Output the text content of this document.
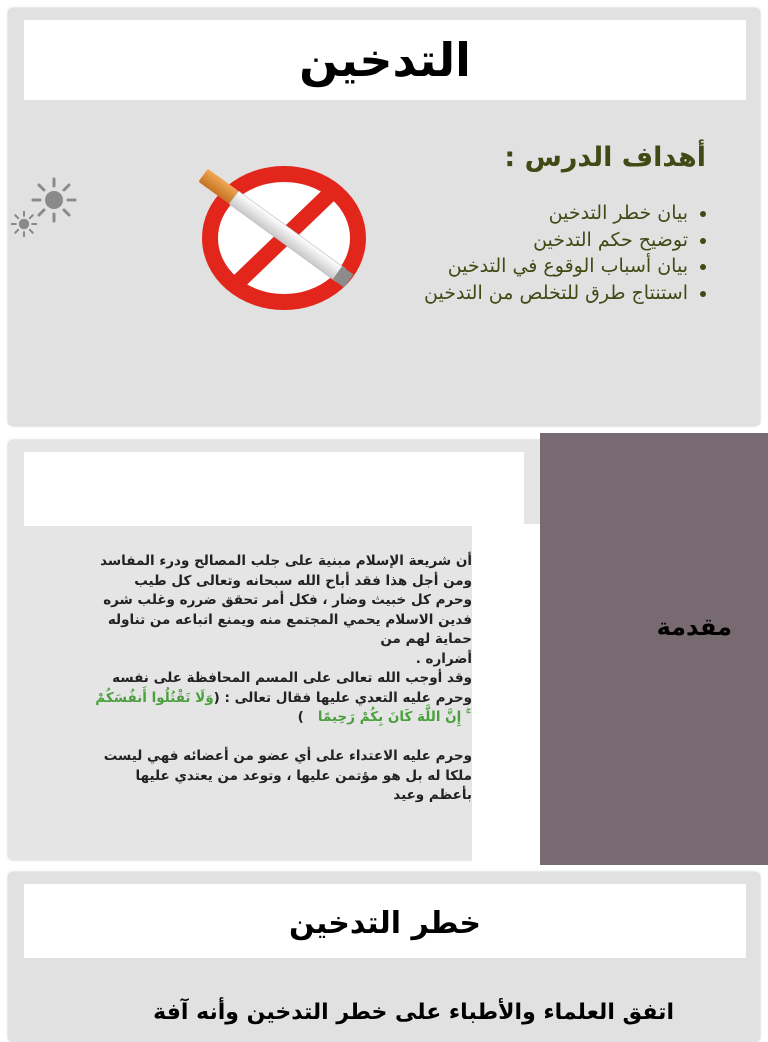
التدخين
أهداف الدرس :
• بيان خطر التدخين
• توضيح حكم التدخين
• بيان أسباب الوقوع في التدخين
• استنتاج طرق للتخلص من التدخين

أن شريعة الإسلام مبنية على جلب المصالح ودرء المفاسد

ومن أجل هذا فقد أباح الله سبحانه وتعالى كل طيب

وحرم كل خبيث وضار ، فكل أمر تحقق ضرره وغلب شره

فدين الاسلام يحمي المجتمع منه ويمنع اتباعه من تناوله

حماية لهم من

أضراره .

وقد أوجب الله تعالى على المسم المحافظة على نفسه

وحرم عليه التعدي عليها فقال تعالى : (وَلَا تَقْتُلُوا أَنفُسَكُمْ

ۚ إِنَّ اللَّهَ كَانَ بِكُمْ رَحِيمًا   )

وحرم عليه الاعتداء على أي عضو من أعضائه فهي ليست

ملكا له بل هو مؤتمن عليها ، وتوعد من يعتدي عليها

بأعظم وعيد

مقدمة
خطر التدخين
اتفق العلماء والأطباء على خطر التدخين وأنه آفة
